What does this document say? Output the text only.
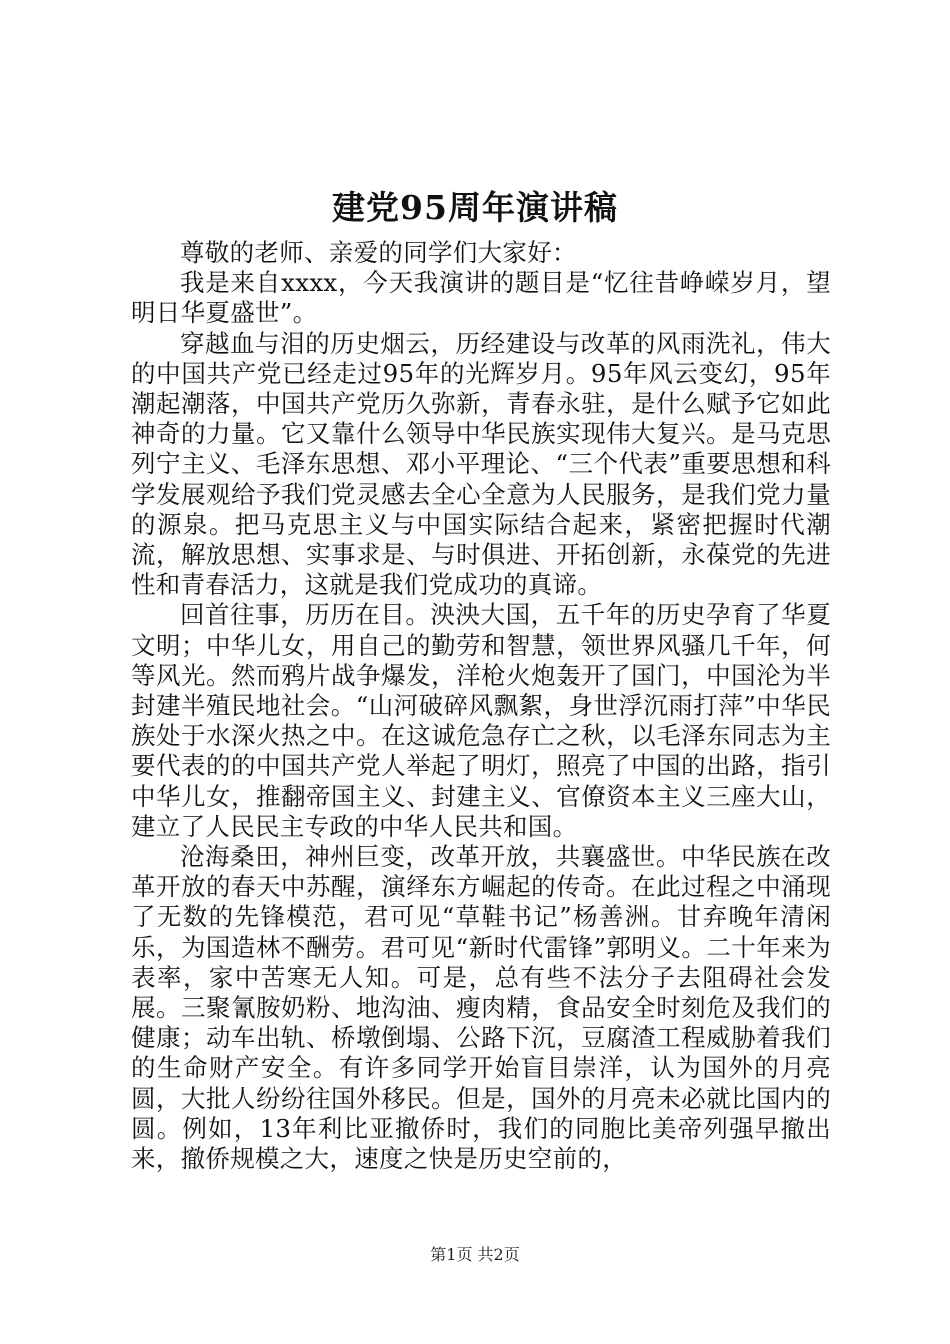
建党95周年演讲稿

尊敬的老师、亲爱的同学们大家好：

我是来自xxxx，今天我演讲的题目是“忆往昔峥嵘岁月，望明日华夏盛世”。

穿越血与泪的历史烟云，历经建设与改革的风雨洗礼，伟大的中国共产党已经走过95年的光辉岁月。95年风云变幻，95年潮起潮落，中国共产党历久弥新，青春永驻，是什么赋予它如此神奇的力量。它又靠什么领导中华民族实现伟大复兴。是马克思列宁主义、毛泽东思想、邓小平理论、“三个代表”重要思想和科学发展观给予我们党灵感去全心全意为人民服务，是我们党力量的源泉。把马克思主义与中国实际结合起来，紧密把握时代潮流，解放思想、实事求是、与时俱进、开拓创新，永葆党的先进性和青春活力，这就是我们党成功的真谛。

回首往事，历历在目。泱泱大国，五千年的历史孕育了华夏文明；中华儿女，用自己的勤劳和智慧，领世界风骚几千年，何等风光。然而鸦片战争爆发，洋枪火炮轰开了国门，中国沦为半封建半殖民地社会。“山河破碎风飘絮，身世浮沉雨打萍”中华民族处于水深火热之中。在这诚危急存亡之秋，以毛泽东同志为主要代表的的中国共产党人举起了明灯，照亮了中国的出路，指引中华儿女，推翻帝国主义、封建主义、官僚资本主义三座大山，建立了人民民主专政的中华人民共和国。

沧海桑田，神州巨变，改革开放，共襄盛世。中华民族在改革开放的春天中苏醒，演绎东方崛起的传奇。在此过程之中涌现了无数的先锋模范，君可见“草鞋书记”杨善洲。甘弃晚年清闲乐，为国造林不酬劳。君可见“新时代雷锋”郭明义。二十年来为表率，家中苦寒无人知。可是，总有些不法分子去阻碍社会发展。三聚氰胺奶粉、地沟油、瘦肉精，食品安全时刻危及我们的健康；动车出轨、桥墩倒塌、公路下沉，豆腐渣工程威胁着我们的生命财产安全。有许多同学开始盲目崇洋，认为国外的月亮圆，大批人纷纷往国外移民。但是，国外的月亮未必就比国内的圆。例如，13年利比亚撤侨时，我们的同胞比美帝列强早撤出来，撤侨规模之大，速度之快是历史空前的，

第1页 共2页
